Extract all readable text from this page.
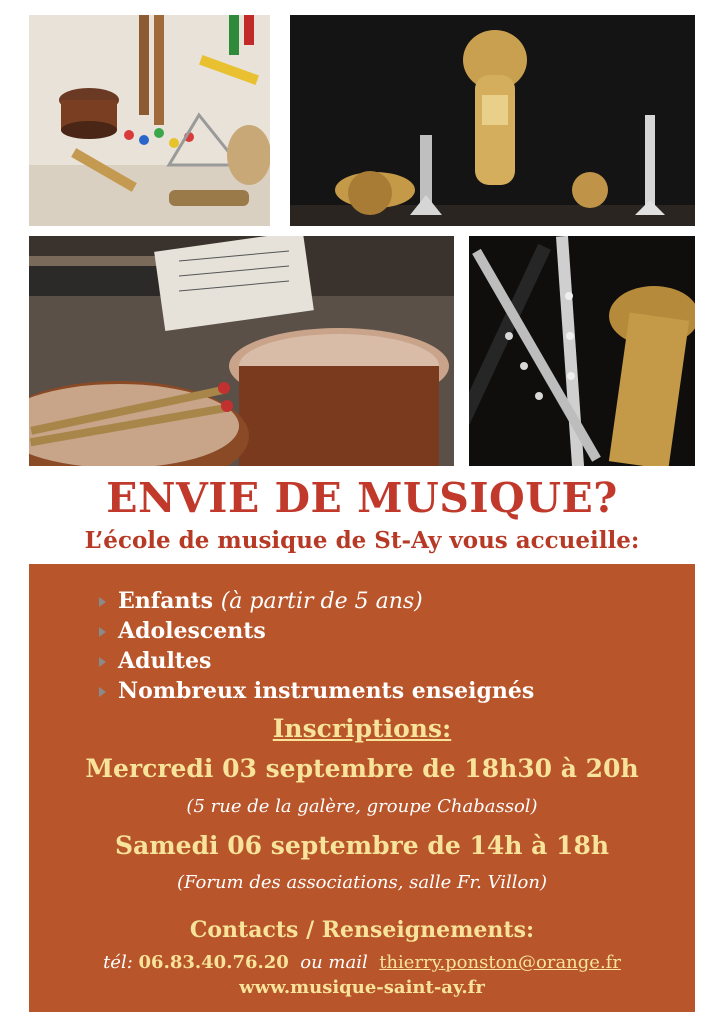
ENVIE DE MUSIQUE?
L’école de musique de St-Ay vous accueille:
Enfants (à partir de 5 ans)
Adolescents
Adultes
Nombreux instruments enseignés
Inscriptions:
Mercredi 03 septembre de 18h30 à 20h
(5 rue de la galère, groupe Chabassol)
Samedi 06 septembre de 14h à 18h
(Forum des associations, salle Fr. Villon)
Contacts / Renseignements:
tél: 06.83.40.76.20 ou mail thierry.ponston@orange.fr
www.musique-saint-ay.fr
